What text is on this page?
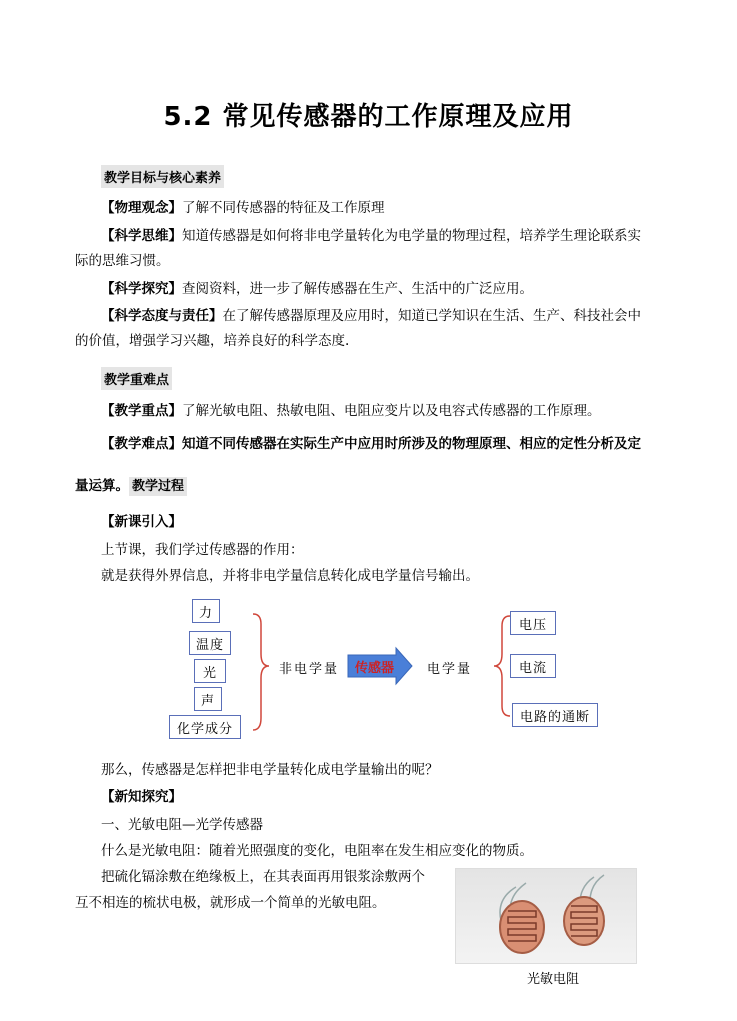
5.2 常见传感器的工作原理及应用
教学目标与核心素养
【物理观念】了解不同传感器的特征及工作原理
【科学思维】知道传感器是如何将非电学量转化为电学量的物理过程，培养学生理论联系实
际的思维习惯。
【科学探究】查阅资料，进一步了解传感器在生产、生活中的广泛应用。
【科学态度与责任】在了解传感器原理及应用时，知道已学知识在生活、生产、科技社会中
的价值，增强学习兴趣，培养良好的科学态度.
教学重难点
【教学重点】了解光敏电阻、热敏电阻、电阻应变片以及电容式传感器的工作原理。
【教学难点】知道不同传感器在实际生产中应用时所涉及的物理原理、相应的定性分析及定
量运算。 教学过程
【新课引入】
上节课，我们学过传感器的作用：
就是获得外界信息，并将非电学量信息转化成电学量信号输出。
力
温度
光
声
化学成分
非电学量 传感器	电学量
电压
电流
电路的通断
那么，传感器是怎样把非电学量转化成电学量输出的呢？
【新知探究】
一、光敏电阻—光学传感器
什么是光敏电阻：随着光照强度的变化，电阻率在发生相应变化的物质。
把硫化镉涂敷在绝缘板上，在其表面再用银浆涂敷两个
互不相连的梳状电极，就形成一个简单的光敏电阻。
光敏电阻
